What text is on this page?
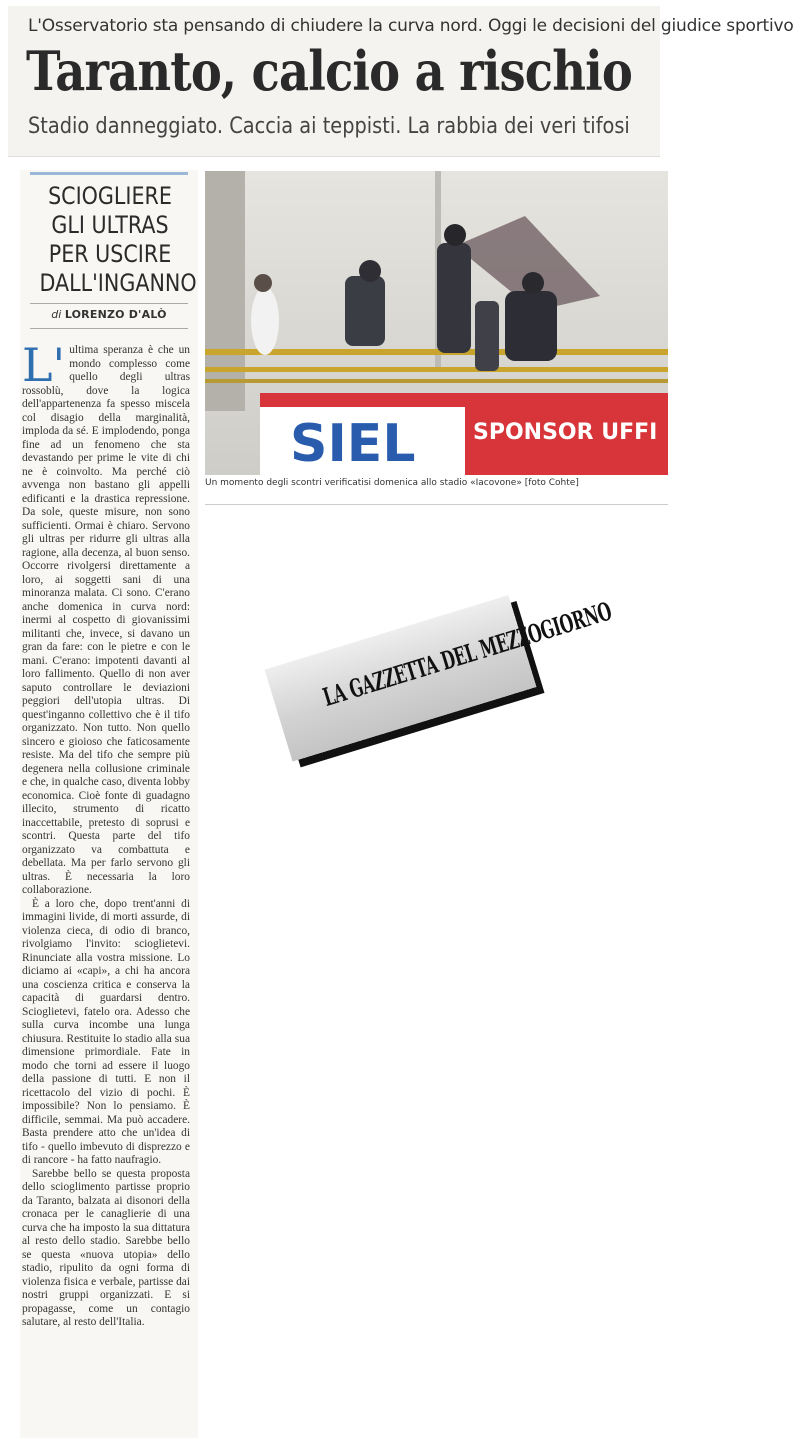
L'Osservatorio sta pensando di chiudere la curva nord. Oggi le decisioni del giudice sportivo
Taranto, calcio a rischio
Stadio danneggiato. Caccia ai teppisti. La rabbia dei veri tifosi
SCIOGLIERE GLI ULTRAS PER USCIRE DALL'INGANNO
di LORENZO D'ALÒ

L' ultima speranza è che un mondo complesso come quello degli ultras rossoblù, dove la logica dell'appartenenza fa spesso miscela col disagio della marginalità, imploda da sé. E implodendo, ponga fine ad un fenomeno che sta devastando per prime le vite di chi ne è coinvolto. Ma perché ciò avvenga non bastano gli appelli edificanti e la drastica repressione. Da sole, queste misure, non sono sufficienti. Ormai è chiaro. Servono gli ultras per ridurre gli ultras alla ragione, alla decenza, al buon senso. Occorre rivolgersi direttamente a loro, ai soggetti sani di una minoranza malata. Ci sono. C'erano anche domenica in curva nord: inermi al cospetto di giovanissimi militanti che, invece, si davano un gran da fare: con le pietre e con le mani. C'erano: impotenti davanti al loro fallimento. Quello di non aver saputo controllare le deviazioni peggiori dell'utopia ultras. Di quest'inganno collettivo che è il tifo organizzato. Non tutto. Non quello sincero e gioioso che faticosamente resiste. Ma del tifo che sempre più degenera nella collusione criminale e che, in qualche caso, diventa lobby economica. Cioè fonte di guadagno illecito, strumento di ricatto inaccettabile, pretesto di soprusi e scontri. Questa parte del tifo organizzato va combattuta e debellata. Ma per farlo servono gli ultras. È necessaria la loro collaborazione.

È a loro che, dopo trent'anni di immagini livide, di morti assurde, di violenza cieca, di odio di branco, rivolgiamo l'invito: scioglietevi. Rinunciate alla vostra missione. Lo diciamo ai «capi», a chi ha ancora una coscienza critica e conserva la capacità di guardarsi dentro. Scioglietevi, fatelo ora. Adesso che sulla curva incombe una lunga chiusura. Restituite lo stadio alla sua dimensione primordiale. Fate in modo che torni ad essere il luogo della passione di tutti. E non il ricettacolo del vizio di pochi. È impossibile? Non lo pensiamo. È difficile, semmai. Ma può accadere. Basta prendere atto che un'idea di tifo - quello imbevuto di disprezzo e di rancore - ha fatto naufragio.

Sarebbe bello se questa proposta dello scioglimento partisse proprio da Taranto, balzata ai disonori della cronaca per le canaglierie di una curva che ha imposto la sua dittatura al resto dello stadio. Sarebbe bello se questa «nuova utopia» dello stadio, ripulito da ogni forma di violenza fisica e verbale, partisse dai nostri gruppi organizzati. E si propagasse, come un contagio salutare, al resto dell'Italia.

SIEL	SPONSOR UFFI
Un momento degli scontri verificatisi domenica allo stadio «Iacovone» [foto Cohte]
LA GAZZETTA DEL MEZZOGIORNO
